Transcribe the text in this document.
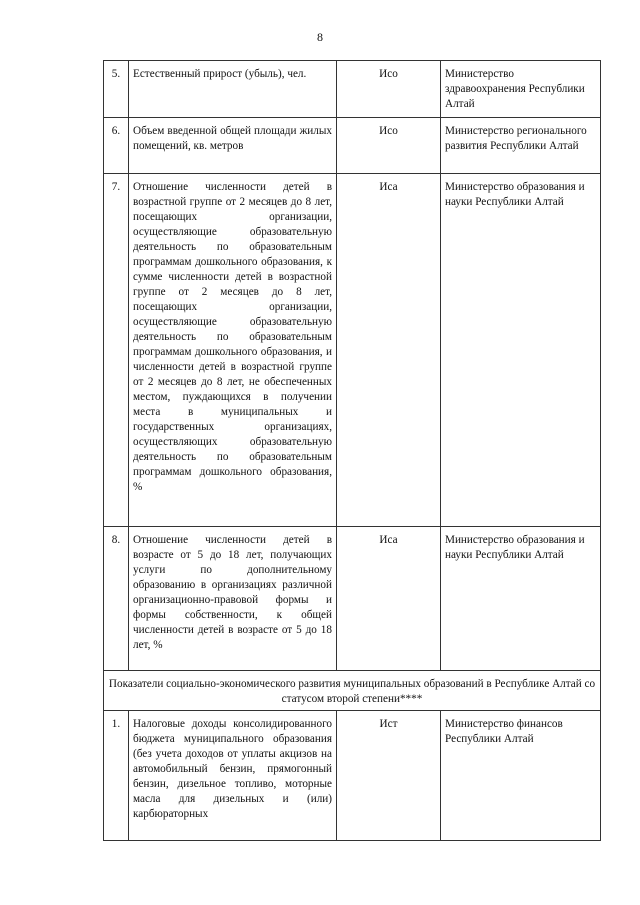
8
5.	Естественный прирост (убыль), чел.	Исо	Министерство здравоохранения Республики Алтай
6.	Объем введенной общей площади жилых помещений, кв. метров	Исо	Министерство регионального развития Республики Алтай
7.	Отношение численности детей в возрастной группе от 2 месяцев до 8 лет, посещающих организации, осуществляющие образовательную деятельность по образовательным программам дошкольного образования, к сумме численности детей в возрастной группе от 2 месяцев до 8 лет, посещающих организации, осуществляющие образовательную деятельность по образовательным программам дошкольного образования, и численности детей в возрастной группе от 2 месяцев до 8 лет, не обеспеченных местом, пуждающихся в получении места в муниципальных и государственных организациях, осуществляющих образовательную деятельность по образовательным программам дошкольного образования, %	Иса	Министерство образования и науки Республики Алтай
8.	Отношение численности детей в возрасте от 5 до 18 лет, получающих услуги по дополнительному образованию в организациях различной организационно-правовой формы и формы собственности, к общей численности детей в возрасте от 5 до 18 лет, %	Иса	Министерство образования и науки Республики Алтай
Показатели социально-экономического развития муниципальных образований в Республике Алтай со статусом второй степени****			
1.	Налоговые доходы консолидированного бюджета муниципального образования (без учета доходов от уплаты акцизов на автомобильный бензин, прямогонный бензин, дизельное топливо, моторные масла для дизельных и (или) карбюраторных	Ист	Министерство финансов Республики Алтай
